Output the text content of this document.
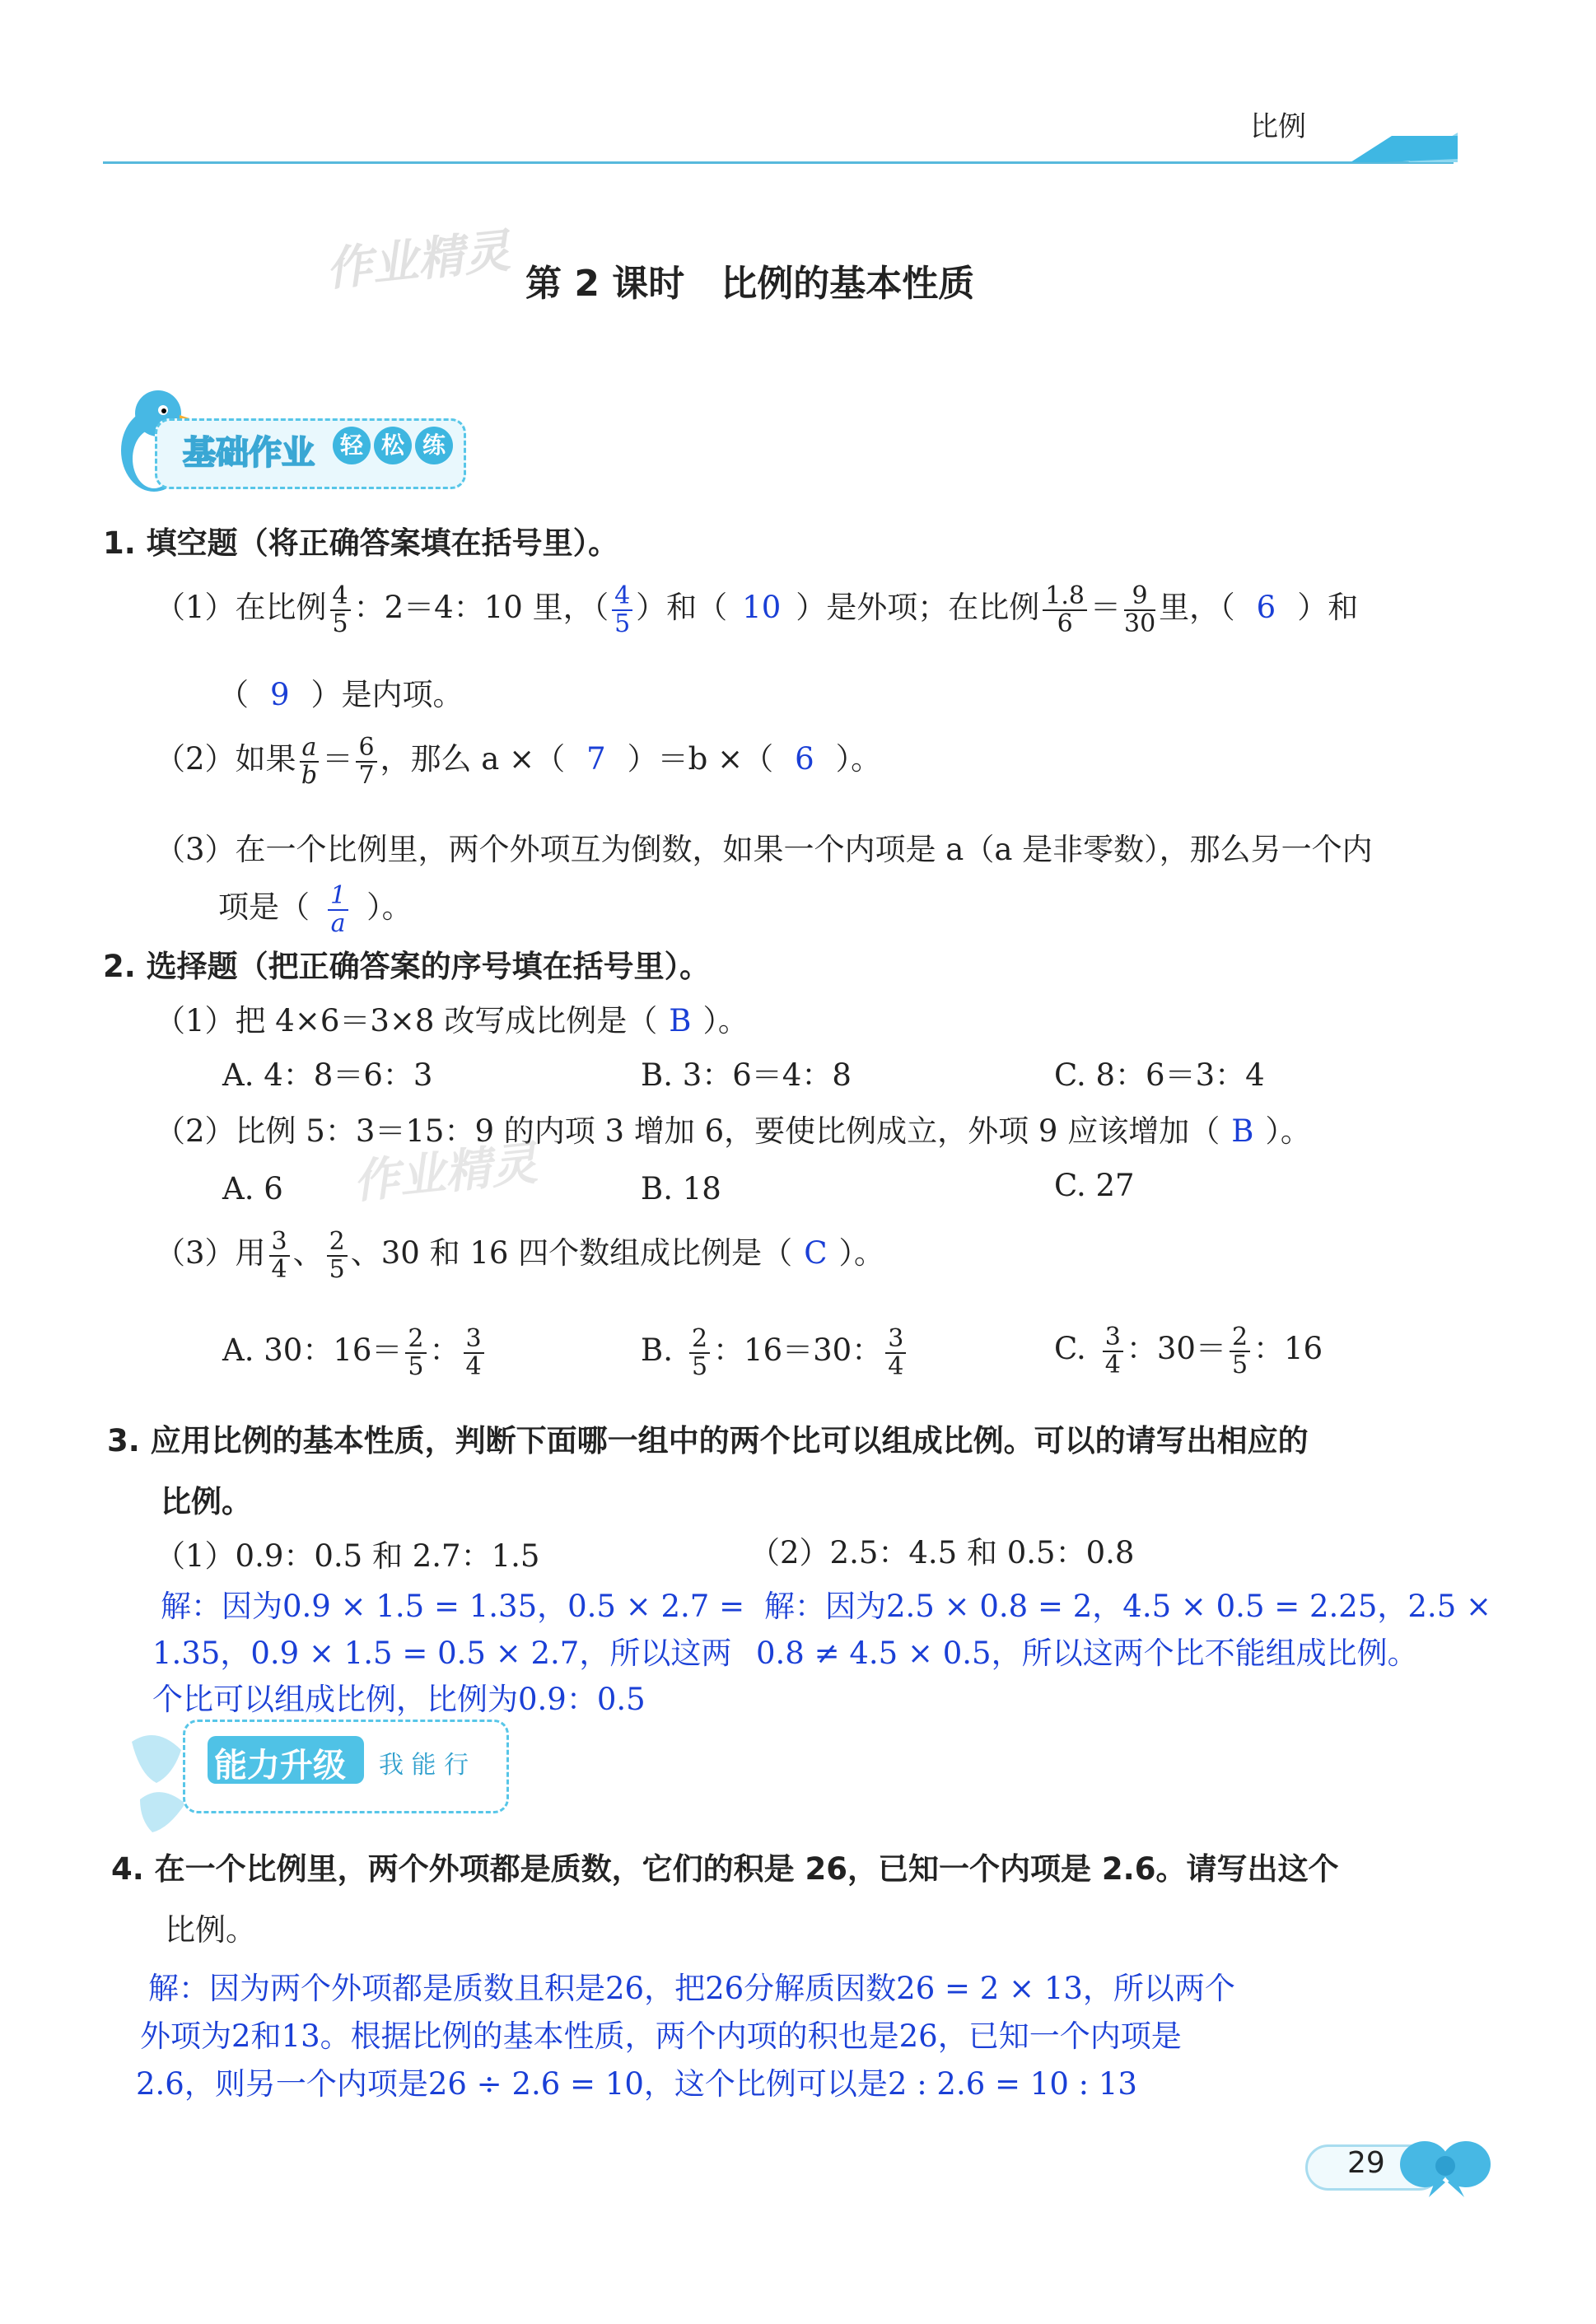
比例
作业精灵 第 2 课时　比例的基本性质
基础作业	轻 松 练
1. 填空题（将正确答案填在括号里）。
（1）在比例 $\frac{4}{5}$ ：2＝4：10 里，（ $\frac{4}{5}$ ）和（ 10 ）是外项；在比例 $\frac{1.8}{6} = \frac{9}{30}$ 里，（ 6 ）和
（ 9 ）是内项。
（2）如果 $\frac{a}{b} = \frac{6}{7}$ ，那么 a ×（ 7 ）＝b ×（ 6 ）。
（3）在一个比例里，两个外项互为倒数，如果一个内项是 a（a 是非零数），那么另一个内
项是（ $\frac{1}{a}$ ）。
2. 选择题（把正确答案的序号填在括号里）。
（1）把 4×6＝3×8 改写成比例是（ B ）。
A. 4：8＝6：3	B. 3：6＝4：8	C. 8：6＝3：4
（2）比例 5：3＝15：9 的内项 3 增加 6，要使比例成立，外项 9 应该增加（ B ）。
作业精灵
A. 6	B. 18	C. 27
（3）用 $\frac{3}{4}$ 、 $\frac{2}{5}$ 、30 和 16 四个数组成比例是（ C ）。
A. 30：$16= \frac{2}{5}$ ： $\frac{3}{4}$	B. $\frac{2}{5}$ ：16＝30： $\frac{3}{4}$	C. $\frac{3}{4}$ ：$30= \frac{2}{5}$ ：16
3. 应用比例的基本性质，判断下面哪一组中的两个比可以组成比例。可以的请写出相应的
比例。
（1）0.9：0.5 和 2.7：1.5	（2）2.5：4.5 和 0.5：0.8
解：因为0.9 × 1.5 = 1.35，0.5 × 2.7 =
1.35，0.9 × 1.5 = 0.5 × 2.7，所以这两
个比可以组成比例，比例为0.9：0.5
解：因为2.5 × 0.8 = 2，4.5 × 0.5 = 2.25，2.5 ×
0.8 ≠ 4.5 × 0.5，所以这两个比不能组成比例。
能力升级 我 能 行
4. 在一个比例里，两个外项都是质数，它们的积是 26，已知一个内项是 2.6。请写出这个
比例。
解：因为两个外项都是质数且积是26，把26分解质因数26 = 2 × 13，所以两个
外项为2和13。根据比例的基本性质，两个内项的积也是26，已知一个内项是
2.6，则另一个内项是26 ÷ 2.6 = 10，这个比例可以是2 : 2.6 = 10 : 13
29
